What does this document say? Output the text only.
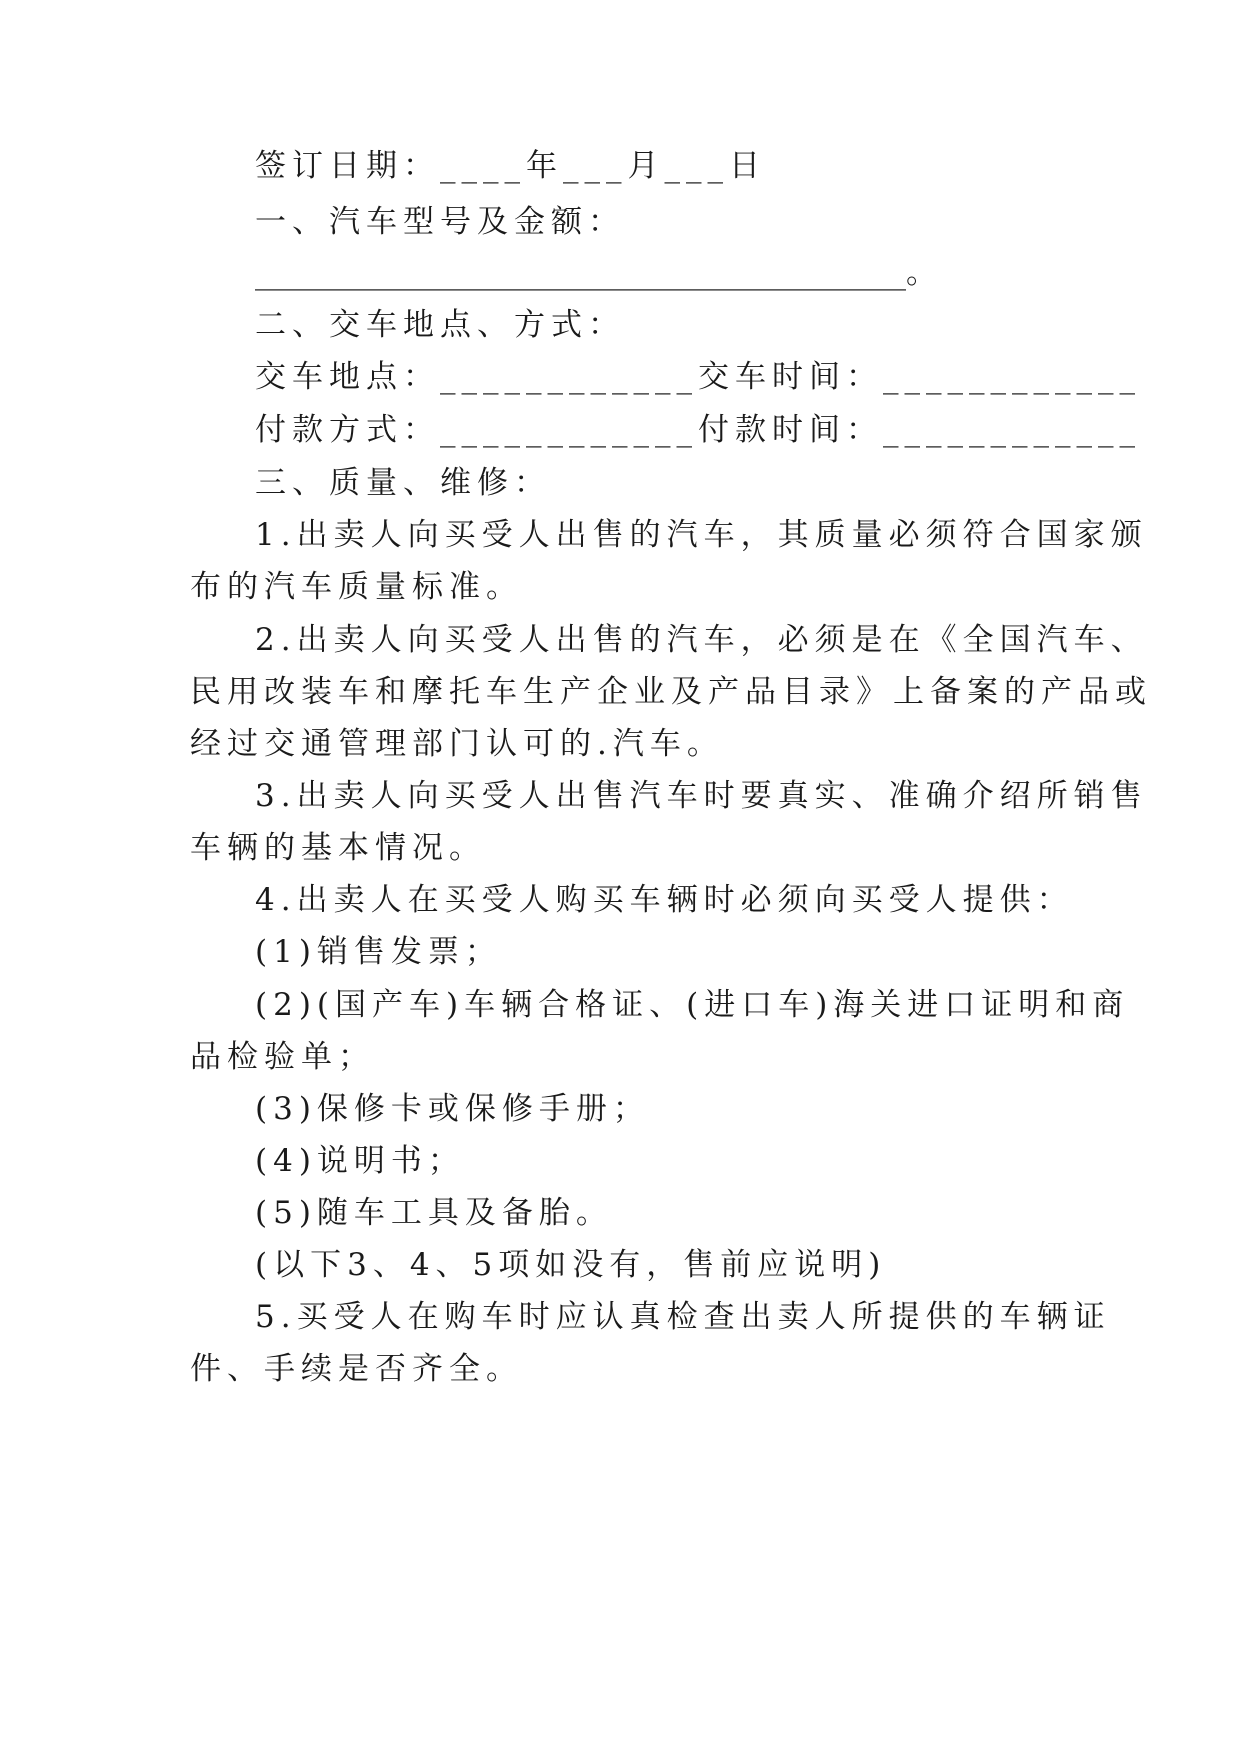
签订日期：____年___月___日
一、汽车型号及金额：
__________________________________________。
二、交车地点、方式：
交车地点：____________交车时间：____________
付款方式：____________付款时间：____________
三、质量、维修：
1.出卖人向买受人出售的汽车，其质量必须符合国家颁
布的汽车质量标准。
2.出卖人向买受人出售的汽车，必须是在《全国汽车、
民用改装车和摩托车生产企业及产品目录》上备案的产品或
经过交通管理部门认可的.汽车。
3.出卖人向买受人出售汽车时要真实、准确介绍所销售
车辆的基本情况。
4.出卖人在买受人购买车辆时必须向买受人提供：
(1)销售发票；
(2)(国产车)车辆合格证、(进口车)海关进口证明和商
品检验单；
(3)保修卡或保修手册；
(4)说明书；
(5)随车工具及备胎。
(以下3、4、5项如没有，售前应说明)
5.买受人在购车时应认真检查出卖人所提供的车辆证
件、手续是否齐全。
